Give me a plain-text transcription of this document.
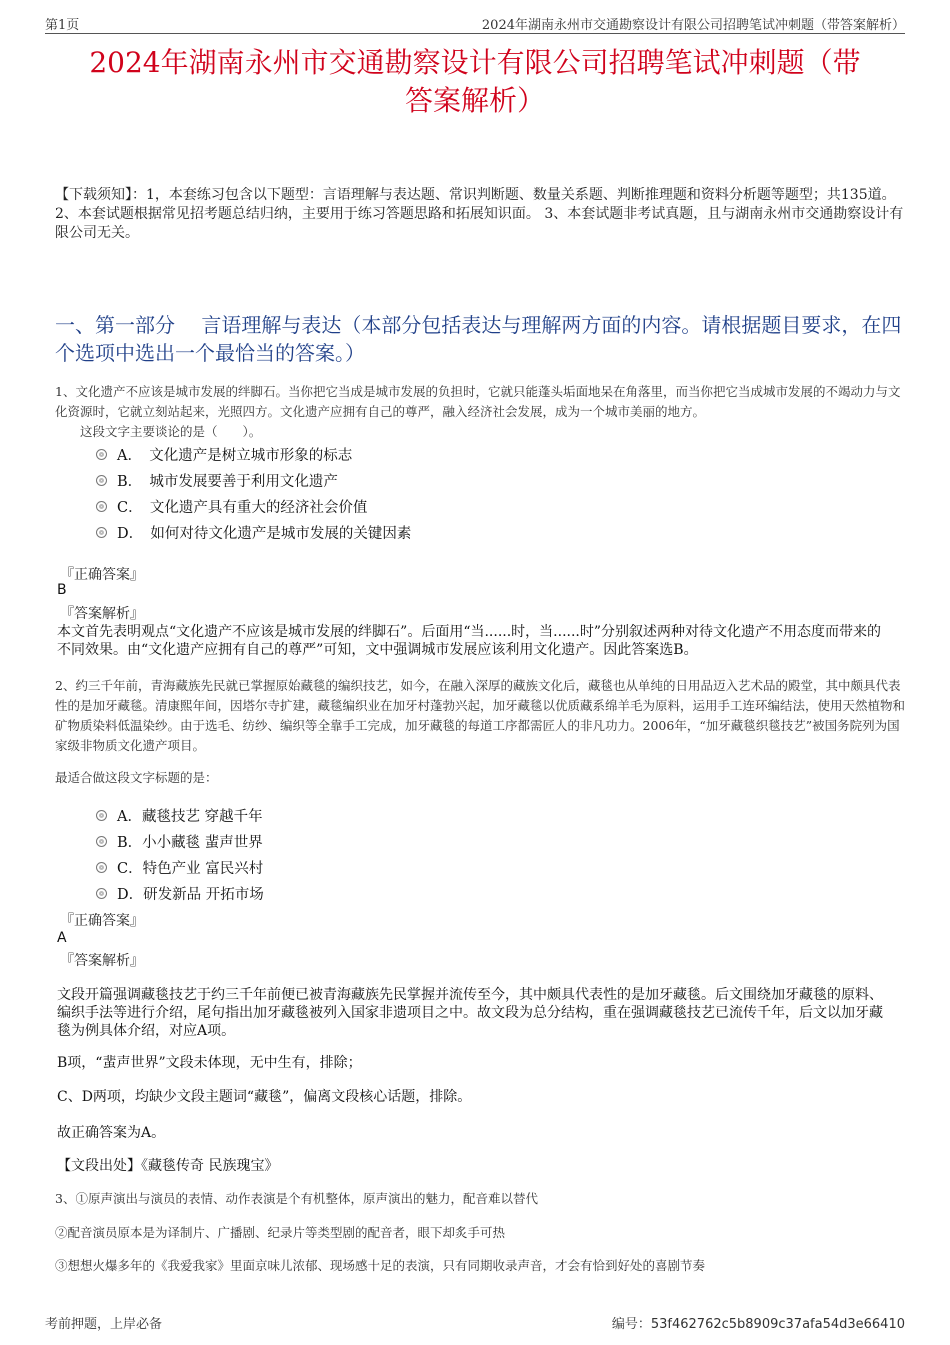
第1页	2024年湖南永州市交通勘察设计有限公司招聘笔试冲刺题（带答案解析）
2024年湖南永州市交通勘察设计有限公司招聘笔试冲刺题（带
答案解析）
【下载须知】：1，本套练习包含以下题型：言语理解与表达题、常识判断题、数量关系题、判断推理题和资料分析题等题型；共135道。 2、本套试题根据常见招考题总结归纳，主要用于练习答题思路和拓展知识面。 3、本套试题非考试真题，且与湖南永州市交通勘察设计有限公司无关。
一、第一部分　 言语理解与表达（本部分包括表达与理解两方面的内容。请根据题目要求，在四个选项中选出一个最恰当的答案。）
1、文化遗产不应该是城市发展的绊脚石。当你把它当成是城市发展的负担时，它就只能蓬头垢面地呆在角落里，而当你把它当成城市发展的不竭动力与文化资源时，它就立刻站起来，光照四方。文化遗产应拥有自己的尊严，融入经济社会发展，成为一个城市美丽的地方。
这段文字主要谈论的是（　　）。
A．　文化遗产是树立城市形象的标志
B．　城市发展要善于利用文化遗产
C．　文化遗产具有重大的经济社会价值
D．　如何对待文化遗产是城市发展的关键因素
『正确答案』
B
『答案解析』
本文首先表明观点“文化遗产不应该是城市发展的绊脚石”。后面用“当......时，当......时”分别叙述两种对待文化遗产不用态度而带来的不同效果。由“文化遗产应拥有自己的尊严”可知，文中强调城市发展应该利用文化遗产。因此答案选B。
2、约三千年前，青海藏族先民就已掌握原始藏毯的编织技艺，如今，在融入深厚的藏族文化后，藏毯也从单纯的日用品迈入艺术品的殿堂，其中颇具代表性的是加牙藏毯。清康熙年间，因塔尔寺扩建，藏毯编织业在加牙村蓬勃兴起，加牙藏毯以优质藏系绵羊毛为原料，运用手工连环编结法，使用天然植物和矿物质染料低温染纱。由于选毛、纺纱、编织等全靠手工完成，加牙藏毯的每道工序都需匠人的非凡功力。2006年，“加牙藏毯织毯技艺”被国务院列为国家级非物质文化遗产项目。
最适合做这段文字标题的是：
A．藏毯技艺 穿越千年
B．小小藏毯 蜚声世界
C．特色产业 富民兴村
D．研发新品 开拓市场
『正确答案』
A
『答案解析』
文段开篇强调藏毯技艺于约三千年前便已被青海藏族先民掌握并流传至今，其中颇具代表性的是加牙藏毯。后文围绕加牙藏毯的原料、编织手法等进行介绍，尾句指出加牙藏毯被列入国家非遗项目之中。故文段为总分结构，重在强调藏毯技艺已流传千年，后文以加牙藏毯为例具体介绍，对应A项。
B项，“蜚声世界”文段未体现，无中生有，排除；
C、D两项，均缺少文段主题词“藏毯”，偏离文段核心话题，排除。
故正确答案为A。
【文段出处】《藏毯传奇 民族瑰宝》
3、①原声演出与演员的表情、动作表演是个有机整体，原声演出的魅力，配音难以替代
②配音演员原本是为译制片、广播剧、纪录片等类型剧的配音者，眼下却炙手可热
③想想火爆多年的《我爱我家》里面京味儿浓郁、现场感十足的表演，只有同期收录声音，才会有恰到好处的喜剧节奏
考前押题，上岸必备	编号：53f462762c5b8909c37afa54d3e66410
